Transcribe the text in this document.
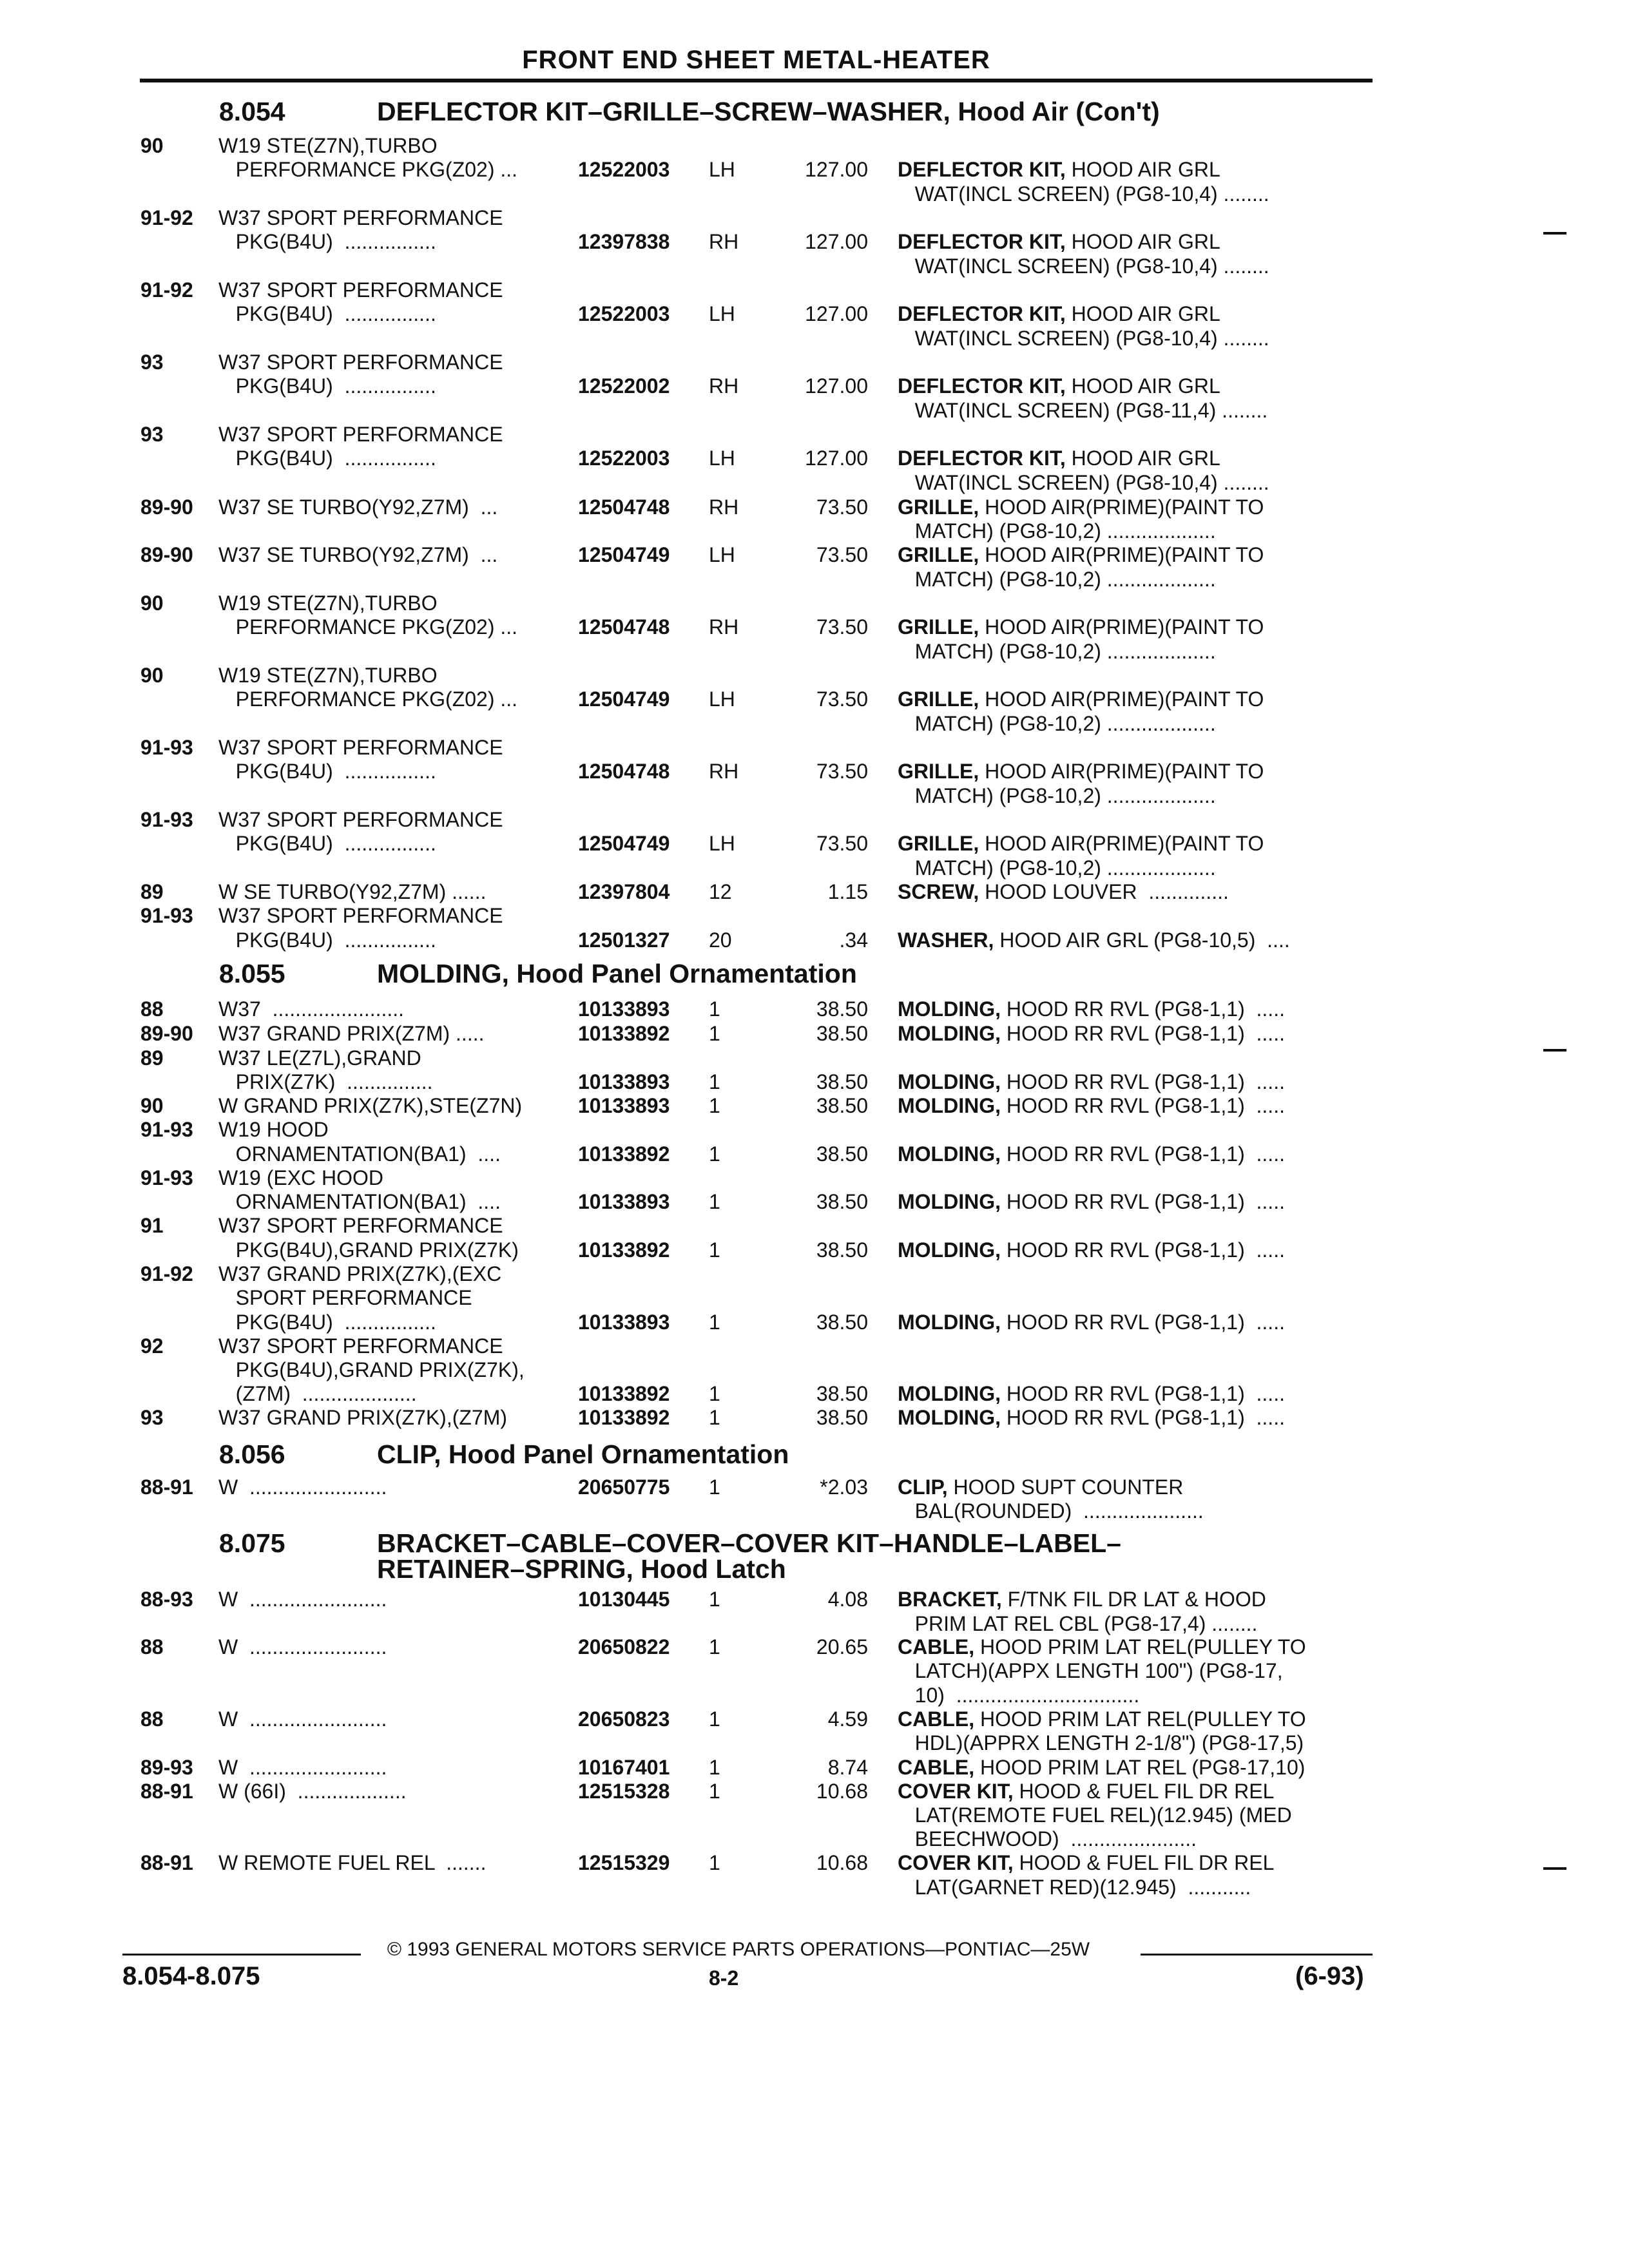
FRONT END SHEET METAL-HEATER
8.054	DEFLECTOR KIT–GRILLE–SCREW–WASHER, Hood Air (Con't)
8.055	MOLDING, Hood Panel Ornamentation
8.056	CLIP, Hood Panel Ornamentation
8.075	BRACKET–CABLE–COVER–COVER KIT–HANDLE–LABEL–
RETAINER–SPRING, Hood Latch
90	W19 STE(Z7N),TURBO
PERFORMANCE PKG(Z02) ...	12522003 LH	127.00 DEFLECTOR KIT, HOOD AIR GRL
WAT(INCL SCREEN) (PG8-10,4) ........
91-92 W37 SPORT PERFORMANCE
PKG(B4U)  ................	12397838 RH	127.00 DEFLECTOR KIT, HOOD AIR GRL
WAT(INCL SCREEN) (PG8-10,4) ........
91-92 W37 SPORT PERFORMANCE
PKG(B4U)  ................	12522003 LH	127.00 DEFLECTOR KIT, HOOD AIR GRL
WAT(INCL SCREEN) (PG8-10,4) ........
93	W37 SPORT PERFORMANCE
PKG(B4U)  ................	12522002 RH	127.00 DEFLECTOR KIT, HOOD AIR GRL
WAT(INCL SCREEN) (PG8-11,4) ........
93	W37 SPORT PERFORMANCE
PKG(B4U)  ................	12522003 LH	127.00 DEFLECTOR KIT, HOOD AIR GRL
WAT(INCL SCREEN) (PG8-10,4) ........
89-90 W37 SE TURBO(Y92,Z7M)  ...	12504748 RH	73.50 GRILLE, HOOD AIR(PRIME)(PAINT TO
MATCH) (PG8-10,2) ...................
89-90 W37 SE TURBO(Y92,Z7M)  ...	12504749 LH	73.50 GRILLE, HOOD AIR(PRIME)(PAINT TO
MATCH) (PG8-10,2) ...................
90	W19 STE(Z7N),TURBO
PERFORMANCE PKG(Z02) ...	12504748 RH	73.50 GRILLE, HOOD AIR(PRIME)(PAINT TO
MATCH) (PG8-10,2) ...................
90	W19 STE(Z7N),TURBO
PERFORMANCE PKG(Z02) ...	12504749 LH	73.50 GRILLE, HOOD AIR(PRIME)(PAINT TO
MATCH) (PG8-10,2) ...................
91-93 W37 SPORT PERFORMANCE
PKG(B4U)  ................	12504748 RH	73.50 GRILLE, HOOD AIR(PRIME)(PAINT TO
MATCH) (PG8-10,2) ...................
91-93 W37 SPORT PERFORMANCE
PKG(B4U)  ................	12504749 LH	73.50 GRILLE, HOOD AIR(PRIME)(PAINT TO
MATCH) (PG8-10,2) ...................
89	W SE TURBO(Y92,Z7M) ......	12397804 12	1.15 SCREW, HOOD LOUVER  ..............
91-93 W37 SPORT PERFORMANCE
PKG(B4U)  ................	12501327 20	.34 WASHER, HOOD AIR GRL (PG8-10,5)  ....
88	W37  .......................	10133893 1	38.50 MOLDING, HOOD RR RVL (PG8-1,1)  .....
89-90 W37 GRAND PRIX(Z7M) .....	10133892 1	38.50 MOLDING, HOOD RR RVL (PG8-1,1)  .....
89	W37 LE(Z7L),GRAND
PRIX(Z7K)  ...............	10133893 1	38.50 MOLDING, HOOD RR RVL (PG8-1,1)  .....
90	W GRAND PRIX(Z7K),STE(Z7N)	10133893 1	38.50 MOLDING, HOOD RR RVL (PG8-1,1)  .....
91-93 W19 HOOD
ORNAMENTATION(BA1)  ....	10133892 1	38.50 MOLDING, HOOD RR RVL (PG8-1,1)  .....
91-93 W19 (EXC HOOD
ORNAMENTATION(BA1)  ....	10133893 1	38.50 MOLDING, HOOD RR RVL (PG8-1,1)  .....
91	W37 SPORT PERFORMANCE
PKG(B4U),GRAND PRIX(Z7K)	10133892 1	38.50 MOLDING, HOOD RR RVL (PG8-1,1)  .....
91-92 W37 GRAND PRIX(Z7K),(EXC
SPORT PERFORMANCE
PKG(B4U)  ................	10133893 1	38.50 MOLDING, HOOD RR RVL (PG8-1,1)  .....
92	W37 SPORT PERFORMANCE
PKG(B4U),GRAND PRIX(Z7K),
(Z7M)  ....................	10133892 1	38.50 MOLDING, HOOD RR RVL (PG8-1,1)  .....
93	W37 GRAND PRIX(Z7K),(Z7M)	10133892 1	38.50 MOLDING, HOOD RR RVL (PG8-1,1)  .....
88-91 W  ........................	20650775 1	*2.03 CLIP, HOOD SUPT COUNTER
BAL(ROUNDED)  .....................
88-93 W  ........................	10130445 1	4.08 BRACKET, F/TNK FIL DR LAT & HOOD
PRIM LAT REL CBL (PG8-17,4) ........
88	W  ........................	20650822 1	20.65 CABLE, HOOD PRIM LAT REL(PULLEY TO
LATCH)(APPX LENGTH 100") (PG8-17,
10)  ................................
88	W  ........................	20650823 1	4.59 CABLE, HOOD PRIM LAT REL(PULLEY TO
HDL)(APPRX LENGTH 2-1/8") (PG8-17,5)
89-93 W  ........................	10167401 1	8.74 CABLE, HOOD PRIM LAT REL (PG8-17,10)
88-91 W (66I)  ...................	12515328 1	10.68 COVER KIT, HOOD & FUEL FIL DR REL
LAT(REMOTE FUEL REL)(12.945) (MED
BEECHWOOD)  ......................
88-91 W REMOTE FUEL REL  .......	12515329 1	10.68 COVER KIT, HOOD & FUEL FIL DR REL
LAT(GARNET RED)(12.945)  ...........
© 1993 GENERAL MOTORS SERVICE PARTS OPERATIONS—PONTIAC—25W
8.054-8.075	8-2	(6-93)
